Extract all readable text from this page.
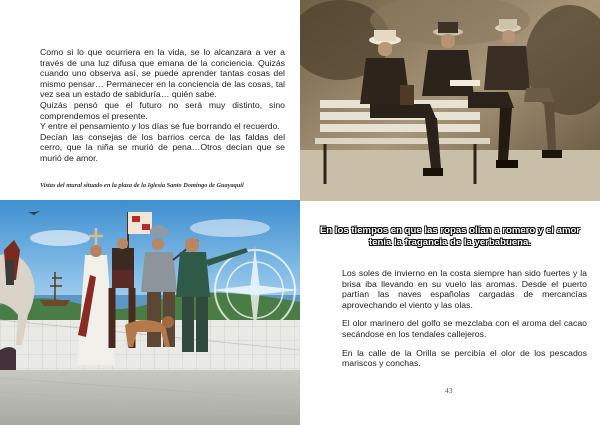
Como si lo que ocurriera en la vida, se lo alcanzara a ver a través de una luz difusa que emana de la conciencia. Quizás cuando uno observa así, se puede aprender tantas cosas del mismo pensar… Permanecer en la conciencia de las cosas, tal vez sea un estado de sabiduría… quién sabe.

Quizás pensó que el futuro no será muy distinto, sino comprendemos el presente.

Y entre el pensamiento y los días se fue borrando el recuerdo.

Decían las consejas de los barrios cerca de las faldas del cerro, que la niña se murió de pena…Otros decían que se murió de amor.

Vistas del mural situado en la plaza de la Iglesia Santo Domingo de Guayaquil
En los tiempos en que las ropas olían a romero y el amor tenía la fragancia de la yerbabuena.

Los soles de invierno en la costa siempre han sido fuertes y la brisa iba llevando en su vuelo las aromas. Desde el puerto partían las naves españolas cargadas de mercancías aprovechando el viento y las olas.

El olor marinero del golfo se mezclaba con el aroma del cacao secándose en los tendales callejeros.

En la calle de la Orilla se percibía el olor de los pescados mariscos y conchas.

43
